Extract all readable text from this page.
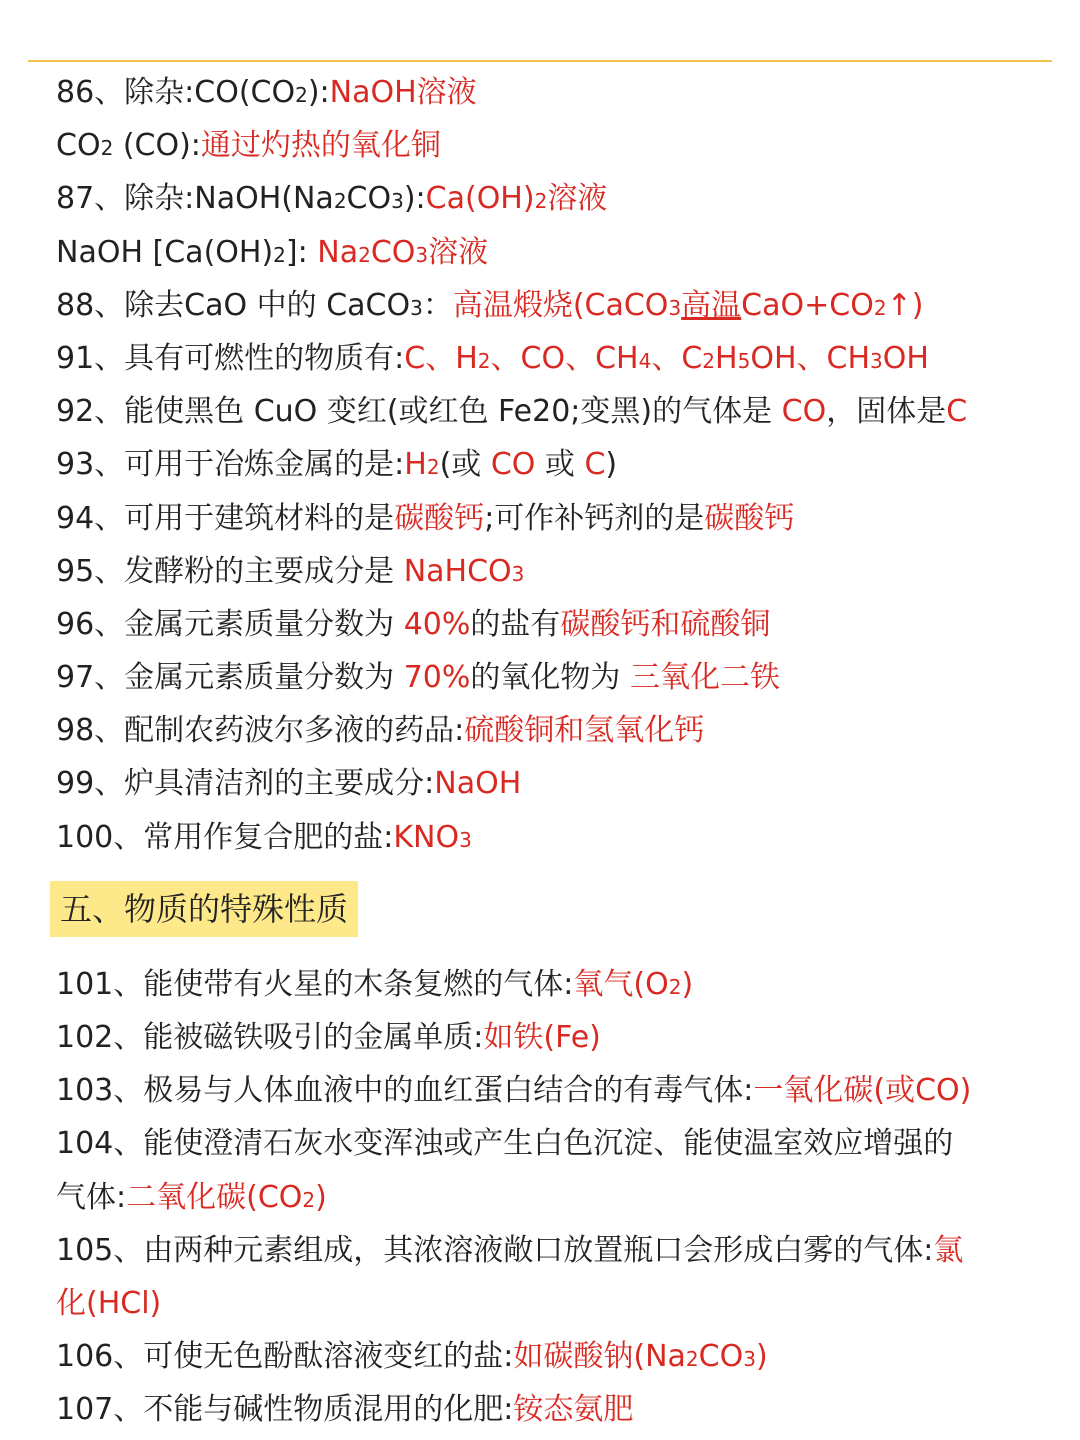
86、除杂:CO(CO2):NaOH溶液
CO2 (CO):通过灼热的氧化铜
87、除杂:NaOH(Na2CO3):Ca(OH)2溶液
NaOH [Ca(OH)2]: Na2CO3溶液
88、除去CaO 中的 CaCO3：高温煅烧(CaCO3高温CaO+CO2↑)
91、具有可燃性的物质有:C、H2、CO、CH4、C2H5OH、CH3OH
92、能使黑色 CuO 变红(或红色 Fe20;变黑)的气体是 CO，固体是C
93、可用于冶炼金属的是:H2(或 CO 或 C)
94、可用于建筑材料的是碳酸钙;可作补钙剂的是碳酸钙
95、发酵粉的主要成分是 NaHCO3
96、金属元素质量分数为 40%的盐有碳酸钙和硫酸铜
97、金属元素质量分数为 70%的氧化物为 三氧化二铁
98、配制农药波尔多液的药品:硫酸铜和氢氧化钙
99、炉具清洁剂的主要成分:NaOH
100、常用作复合肥的盐:KNO3
五、物质的特殊性质
101、能使带有火星的木条复燃的气体:氧气(O2)
102、能被磁铁吸引的金属单质:如铁(Fe)
103、极易与人体血液中的血红蛋白结合的有毒气体:一氧化碳(或CO)
104、能使澄清石灰水变浑浊或产生白色沉淀、能使温室效应增强的
气体:二氧化碳(CO2)
105、由两种元素组成，其浓溶液敞口放置瓶口会形成白雾的气体:氯
化(HCl)
106、可使无色酚酞溶液变红的盐:如碳酸钠(Na2CO3)
107、不能与碱性物质混用的化肥:铵态氨肥
